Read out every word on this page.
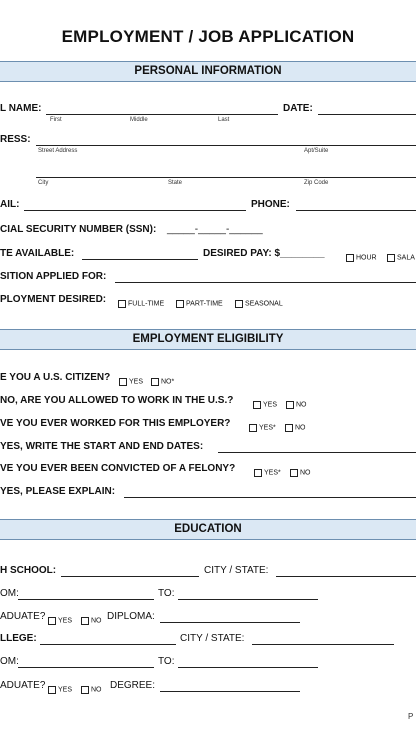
EMPLOYMENT / JOB APPLICATION
PERSONAL INFORMATION
L NAME:
First	Middle	Last
DATE:
RESS:
Street Address	Apt/Suite
City	State	Zip Code
AIL:	PHONE:
CIAL SECURITY NUMBER (SSN): _____-_____-______
TE AVAILABLE:	DESIRED PAY: $________	HOUR	SALA
SITION APPLIED FOR:
PLOYMENT DESIRED:	FULL-TIME	PART-TIME	SEASONAL
EMPLOYMENT ELIGIBILITY
E YOU A U.S. CITIZEN?	YES	NO*
NO, ARE YOU ALLOWED TO WORK IN THE U.S.?	YES	NO
VE YOU EVER WORKED FOR THIS EMPLOYER?	YES*	NO
YES, WRITE THE START AND END DATES:
VE YOU EVER BEEN CONVICTED OF A FELONY?	YES*	NO
YES, PLEASE EXPLAIN:
EDUCATION
H SCHOOL:	CITY / STATE:
OM:	TO:
ADUATE?	YES	NO DIPLOMA:
LLEGE:	CITY / STATE:
OM:	TO:
ADUATE?	YES	NO DEGREE:
P
